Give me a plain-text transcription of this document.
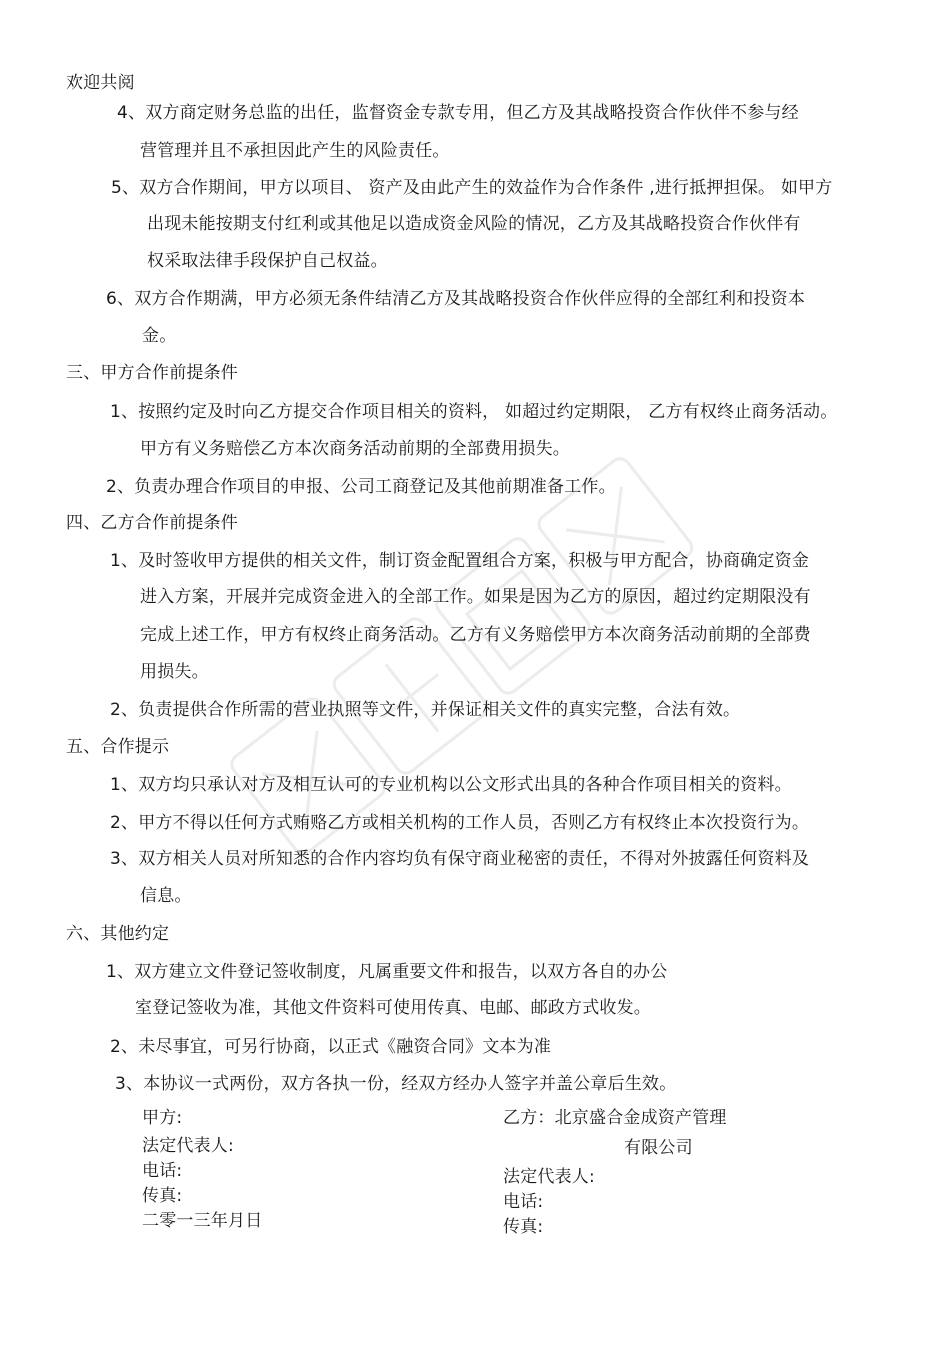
欢迎共阅
4、双方商定财务总监的出任，监督资金专款专用，但乙方及其战略投资合作伙伴不参与经
营管理并且不承担因此产生的风险责任。
5、双方合作期间，甲方以项目、 资产及由此产生的效益作为合作条件 ,进行抵押担保。 如甲方
出现未能按期支付红利或其他足以造成资金风险的情况，乙方及其战略投资合作伙伴有
权采取法律手段保护自己权益。
6、双方合作期满，甲方必须无条件结清乙方及其战略投资合作伙伴应得的全部红利和投资本
金。
三、甲方合作前提条件
1、按照约定及时向乙方提交合作项目相关的资料， 如超过约定期限， 乙方有权终止商务活动。
甲方有义务赔偿乙方本次商务活动前期的全部费用损失。
2、负责办理合作项目的申报、公司工商登记及其他前期准备工作。
四、乙方合作前提条件
1、及时签收甲方提供的相关文件，制订资金配置组合方案，积极与甲方配合，协商确定资金
进入方案，开展并完成资金进入的全部工作。如果是因为乙方的原因，超过约定期限没有
完成上述工作，甲方有权终止商务活动。乙方有义务赔偿甲方本次商务活动前期的全部费
用损失。
2、负责提供合作所需的营业执照等文件，并保证相关文件的真实完整，合法有效。
五、合作提示
1、双方均只承认对方及相互认可的专业机构以公文形式出具的各种合作项目相关的资料。
2、甲方不得以任何方式贿赂乙方或相关机构的工作人员，否则乙方有权终止本次投资行为。
3、双方相关人员对所知悉的合作内容均负有保守商业秘密的责任，不得对外披露任何资料及
信息。
六、其他约定
1、双方建立文件登记签收制度，凡属重要文件和报告，以双方各自的办公
室登记签收为准，其他文件资料可使用传真、电邮、邮政方式收发。
2、未尽事宜，可另行协商，以正式《融资合同》文本为准
3、本协议一式两份，双方各执一份，经双方经办人签字并盖公章后生效。
甲方:
法定代表人:
电话:
传真:
二零一三年月日
乙方：北京盛合金成资产管理
有限公司
法定代表人:
电话:
传真:
